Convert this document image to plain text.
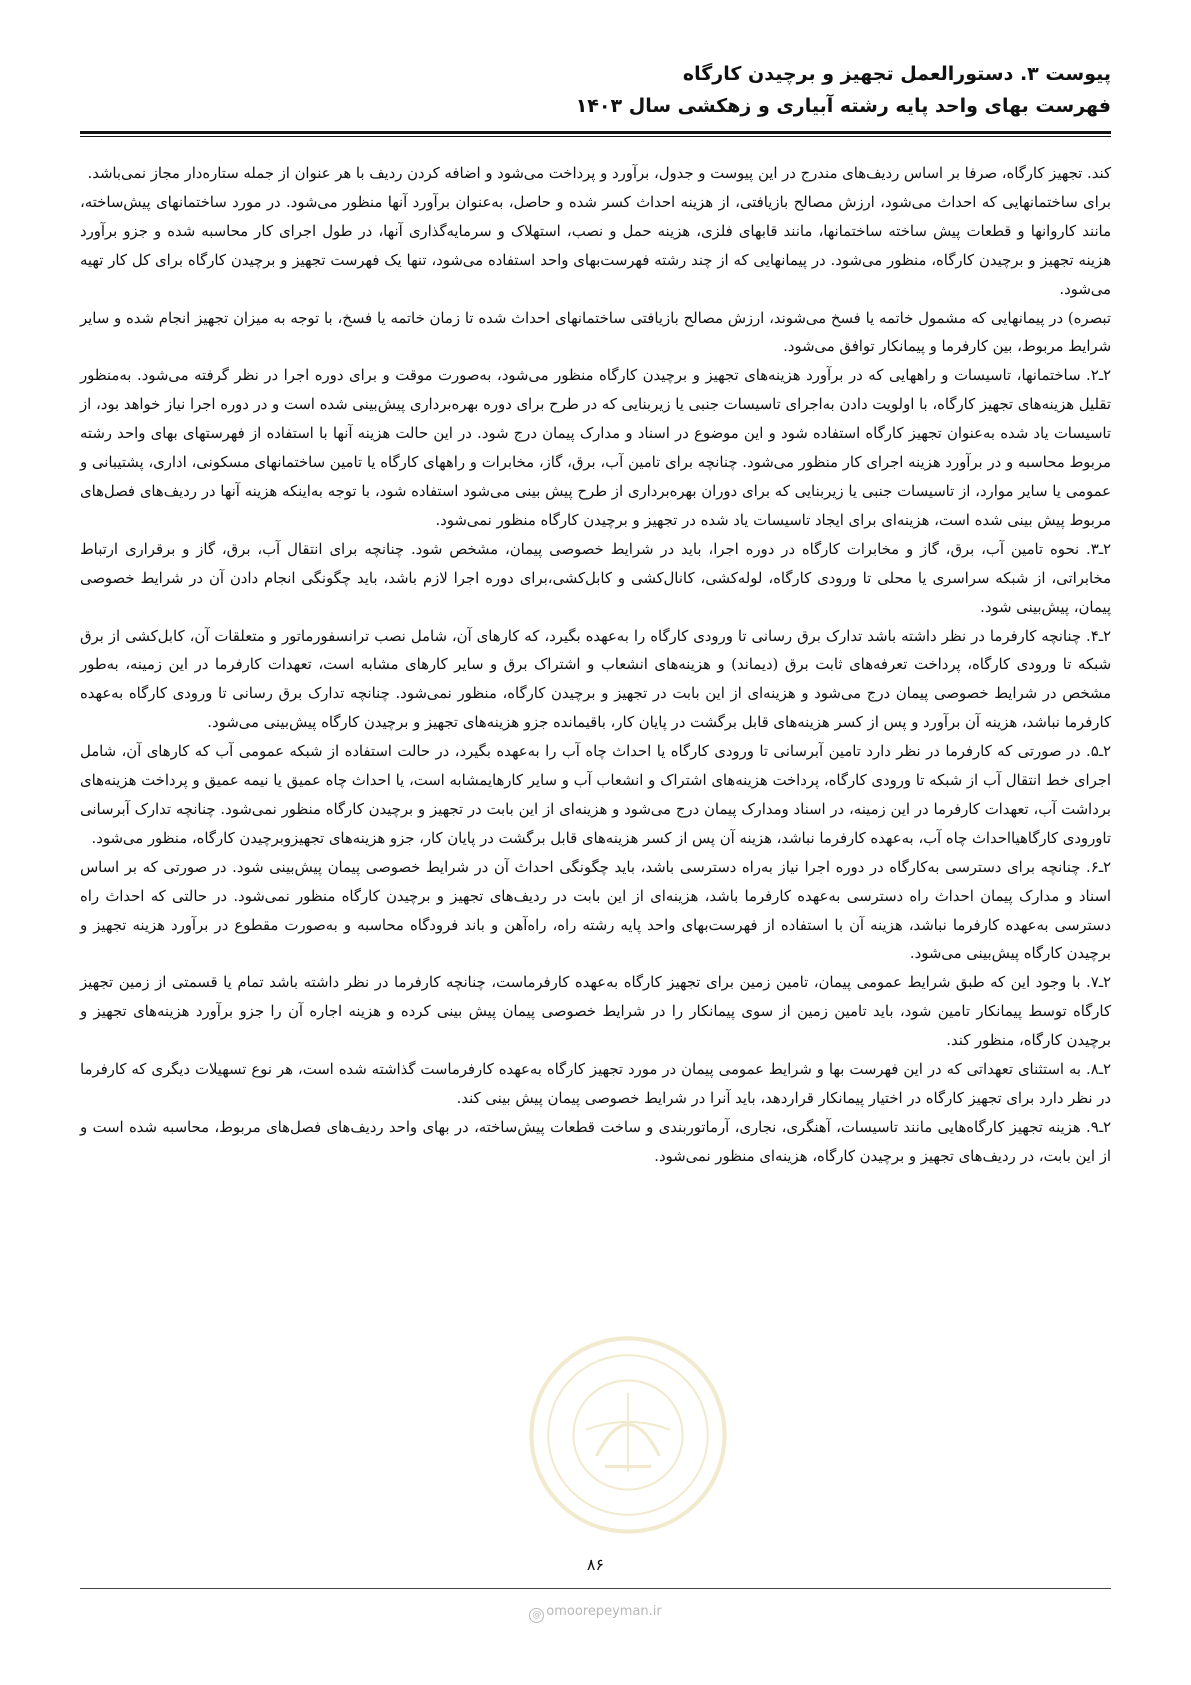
پیوست ۳. دستورالعمل تجهیز و برچیدن کارگاه
فهرست بهای واحد پایه رشته آبیاری و زهکشی سال ۱۴۰۳

کند. تجهیز کارگاه، صرفا بر اساس ردیف‌های مندرج در این پیوست و جدول، برآورد و پرداخت می‌شود و اضافه کردن ردیف با هر عنوان از جمله ستاره‌دار مجاز نمی‌باشد.

برای ساختمانهایی که احداث می‌شود، ارزش مصالح بازیافتی، از هزینه احداث کسر شده و حاصل، به‌عنوان برآورد آنها منظور می‌شود. در مورد ساختمانهای پیش‌ساخته، مانند کاروانها و قطعات پیش ساخته ساختمانها، مانند قابهای فلزی، هزینه حمل و نصب، استهلاک و سرمایه‌گذاری آنها، در طول اجرای کار محاسبه شده و جزو برآورد هزینه تجهیز و برچیدن کارگاه، منظور می‌شود. در پیمانهایی که از چند رشته فهرست‌بهای واحد استفاده می‌شود، تنها یک فهرست تجهیز و برچیدن کارگاه برای کل کار تهیه می‌شود.

تبصره) در پیمانهایی که مشمول خاتمه یا فسخ می‌شوند، ارزش مصالح بازیافتی ساختمانهای احداث شده تا زمان خاتمه یا فسخ، با توجه به میزان تجهیز انجام شده و سایر شرایط مربوط، بین کارفرما و پیمانکار توافق می‌شود.

۲ـ۲. ساختمانها، تاسیسات و راههایی که در برآورد هزینه‌های تجهیز و برچیدن کارگاه منظور می‌شود، به‌صورت موقت و برای دوره اجرا در نظر گرفته می‌شود. به‌منظور تقلیل هزینه‌های تجهیز کارگاه، با اولویت دادن به‌اجرای تاسیسات جنبی یا زیربنایی که در طرح برای دوره بهره‌برداری پیش‌بینی شده است و در دوره اجرا نیاز خواهد بود، از تاسیسات یاد شده به‌عنوان تجهیز کارگاه استفاده شود و این موضوع در اسناد و مدارک پیمان درج شود. در این حالت هزینه آنها با استفاده از فهرستهای بهای واحد رشته مربوط محاسبه و در برآورد هزینه اجرای کار منظور می‌شود. چنانچه برای تامین آب، برق، گاز، مخابرات و راههای کارگاه یا تامین ساختمانهای مسکونی، اداری، پشتیبانی و عمومی یا سایر موارد، از تاسیسات جنبی یا زیربنایی که برای دوران بهره‌برداری از طرح پیش بینی می‌شود استفاده شود، با توجه به‌اینکه هزینه آنها در ردیف‌های فصل‌های مربوط پیش بینی شده است، هزینه‌ای برای ایجاد تاسیسات یاد شده در تجهیز و برچیدن کارگاه منظور نمی‌شود.

۲ـ۳. نحوه تامین آب، برق، گاز و مخابرات کارگاه در دوره اجرا، باید در شرایط خصوصی پیمان، مشخص شود. چنانچه برای انتقال آب، برق، گاز و برقراری ارتباط مخابراتی، از شبکه سراسری یا محلی تا ورودی کارگاه، لوله‌کشی، کانال‌کشی و کابل‌کشی،برای دوره اجرا لازم باشد، باید چگونگی انجام دادن آن در شرایط خصوصی پیمان، پیش‌بینی شود.

۲ـ۴. چنانچه کارفرما در نظر داشته باشد تدارک برق رسانی تا ورودی کارگاه را به‌عهده بگیرد، که کارهای آن، شامل نصب ترانسفورماتور و متعلقات آن، کابل‌کشی از برق شبکه تا ورودی کارگاه، پرداخت تعرفه‌های ثابت برق (دیماند) و هزینه‌های انشعاب و اشتراک برق و سایر کارهای مشابه است، تعهدات کارفرما در این زمینه، به‌طور مشخص در شرایط خصوصی پیمان درج می‌شود و هزینه‌ای از این بابت در تجهیز و برچیدن کارگاه، منظور نمی‌شود. چنانچه تدارک برق رسانی تا ورودی کارگاه به‌عهده کارفرما نباشد، هزینه آن برآورد و پس از کسر هزینه‌های قابل برگشت در پایان کار، باقیمانده جزو هزینه‌های تجهیز و برچیدن کارگاه پیش‌بینی می‌شود.

۲ـ۵. در صورتی که کارفرما در نظر دارد تامین آبرسانی تا ورودی کارگاه یا احداث چاه آب را به‌عهده بگیرد، در حالت استفاده از شبکه عمومی آب که کارهای آن، شامل اجرای خط انتقال آب از شبکه تا ورودی کارگاه، پرداخت هزینه‌های اشتراک و انشعاب آب و سایر کارهایمشابه است، یا احداث چاه عمیق یا نیمه عمیق و پرداخت هزینه‌های برداشت آب، تعهدات کارفرما در این زمینه، در اسناد ومدارک پیمان درج می‌شود و هزینه‌ای از این بابت در تجهیز و برچیدن کارگاه منظور نمی‌شود. چنانچه تدارک آبرسانی تاورودی کارگاهیااحداث چاه آب، به‌عهده کارفرما نباشد، هزینه آن پس از کسر هزینه‌های قابل برگشت در پایان کار، جزو هزینه‌های تجهیزوبرچیدن کارگاه، منظور می‌شود.

۲ـ۶. چنانچه برای دسترسی به‌کارگاه در دوره اجرا نیاز به‌راه دسترسی باشد، باید چگونگی احداث آن در شرایط خصوصی پیمان پیش‌بینی شود. در صورتی که بر اساس اسناد و مدارک پیمان احداث راه دسترسی به‌عهده کارفرما باشد، هزینه‌ای از این بابت در ردیف‌های تجهیز و برچیدن کارگاه منظور نمی‌شود. در حالتی که احداث راه دسترسی به‌عهده کارفرما نباشد، هزینه آن با استفاده از فهرست‌بهای واحد پایه رشته راه، راه‌آهن و باند فرودگاه محاسبه و به‌صورت مقطوع در برآورد هزینه تجهیز و برچیدن کارگاه پیش‌بینی می‌شود.

۲ـ۷. با وجود این که طبق شرایط عمومی پیمان، تامین زمین برای تجهیز کارگاه به‌عهده کارفرماست، چنانچه کارفرما در نظر داشته باشد تمام یا قسمتی از زمین تجهیز کارگاه توسط پیمانکار تامین شود، باید تامین زمین از سوی پیمانکار را در شرایط خصوصی پیمان پیش بینی کرده و هزینه اجاره آن را جزو برآورد هزینه‌های تجهیز و برچیدن کارگاه، منظور کند.

۲ـ۸. به استثنای تعهداتی که در این فهرست بها و شرایط عمومی پیمان در مورد تجهیز کارگاه به‌عهده کارفرماست گذاشته شده است، هر نوع تسهیلات دیگری که کارفرما در نظر دارد برای تجهیز کارگاه در اختیار پیمانکار قراردهد، باید آنرا در شرایط خصوصی پیمان پیش بینی کند.

۲ـ۹. هزینه تجهیز کارگاه‌هایی مانند تاسیسات، آهنگری، نجاری، آرماتوربندی و ساخت قطعات پیش‌ساخته، در بهای واحد ردیف‌های فصل‌های مربوط، محاسبه شده است و از این بابت، در ردیف‌های تجهیز و برچیدن کارگاه، هزینه‌ای منظور نمی‌شود.

۸۶
@ omoorepeyman.ir
